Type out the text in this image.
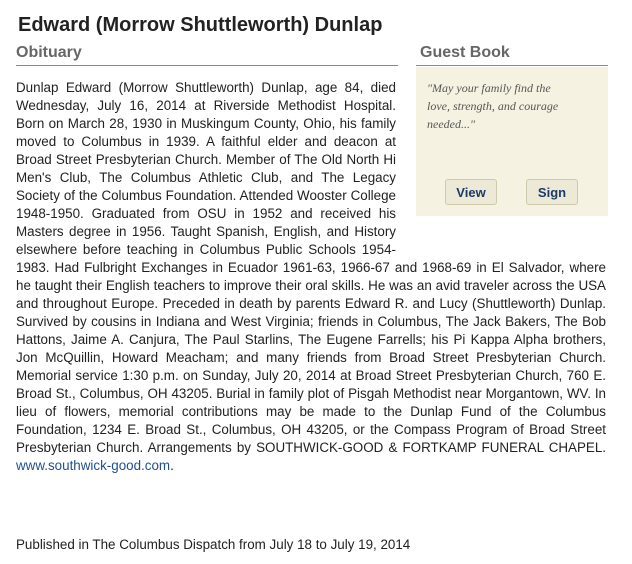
Edward (Morrow Shuttleworth) Dunlap
Obituary	Guest Book
"May your family find the love, strength, and courage needed..."
View	Sign
Dunlap Edward (Morrow Shuttleworth) Dunlap, age 84, died Wednesday, July 16, 2014 at Riverside Methodist Hospital. Born on March 28, 1930 in Muskingum County, Ohio, his family moved to Columbus in 1939. A faithful elder and deacon at Broad Street Presbyterian Church. Member of The Old North Hi Men's Club, The Columbus Athletic Club, and The Legacy Society of the Columbus Foundation. Attended Wooster College 1948-1950. Graduated from OSU in 1952 and received his Masters degree in 1956. Taught Spanish, English, and History elsewhere before teaching in Columbus Public Schools 1954-1983. Had Fulbright Exchanges in Ecuador 1961-63, 1966-67 and 1968-69 in El Salvador, where he taught their English teachers to improve their oral skills. He was an avid traveler across the USA and throughout Europe. Preceded in death by parents Edward R. and Lucy (Shuttleworth) Dunlap. Survived by cousins in Indiana and West Virginia; friends in Columbus, The Jack Bakers, The Bob Hattons, Jaime A. Canjura, The Paul Starlins, The Eugene Farrells; his Pi Kappa Alpha brothers, Jon McQuillin, Howard Meacham; and many friends from Broad Street Presbyterian Church. Memorial service 1:30 p.m. on Sunday, July 20, 2014 at Broad Street Presbyterian Church, 760 E. Broad St., Columbus, OH 43205. Burial in family plot of Pisgah Methodist near Morgantown, WV. In lieu of flowers, memorial contributions may be made to the Dunlap Fund of the Columbus Foundation, 1234 E. Broad St., Columbus, OH 43205, or the Compass Program of Broad Street Presbyterian Church. Arrangements by SOUTHWICK-GOOD & FORTKAMP FUNERAL CHAPEL. www.southwick-good.com.
Published in The Columbus Dispatch from July 18 to July 19, 2014
